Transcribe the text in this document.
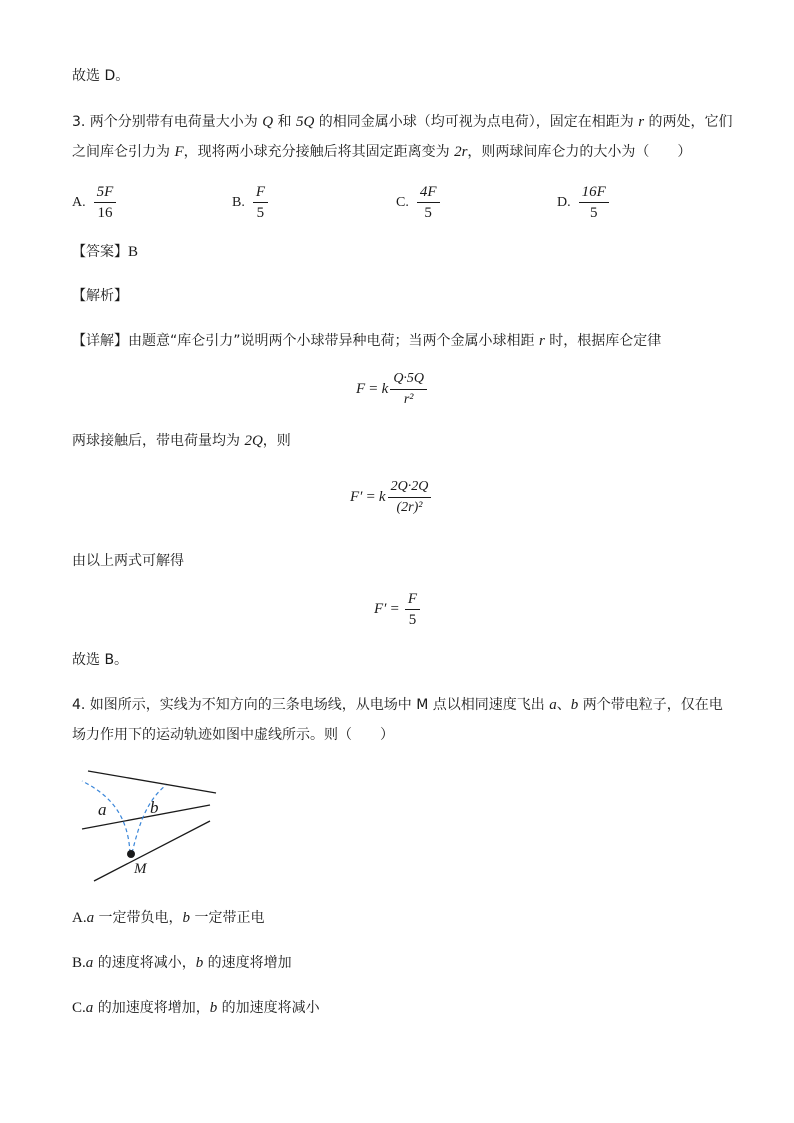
故选 D。
3. 两个分别带有电荷量大小为 Q 和 5Q 的相同金属小球（均可视为点电荷），固定在相距为 r 的两处，它们
之间库仑引力为 F，现将两小球充分接触后将其固定距离变为 2r，则两球间库仑力的大小为（　　）
A. $\frac{5F}{16}$	B. $\frac{F}{5}$	C. $\frac{4F}{5}$	D. $\frac{16F}{5}$
【答案】B
【解析】
【详解】由题意“库仑引力”说明两个小球带异种电荷；当两个金属小球相距 r 时，根据库仑定律
F = k $\frac{Q\cdot 5Q}{\text{r²}}$
两球接触后，带电荷量均为 2Q，则
F′ = k $\frac{2Q\cdot 2Q}{\text{(2r)²}}$
由以上两式可解得
$F' = \frac{F}{5}$
故选 B。
4. 如图所示，实线为不知方向的三条电场线，从电场中 M 点以相同速度飞出 a、b 两个带电粒子，仅在电
场力作用下的运动轨迹如图中虚线所示。则（　　）
a	b
M
A.a 一定带负电，b 一定带正电
B.a 的速度将减小，b 的速度将增加
C.a 的加速度将增加，b 的加速度将减小
